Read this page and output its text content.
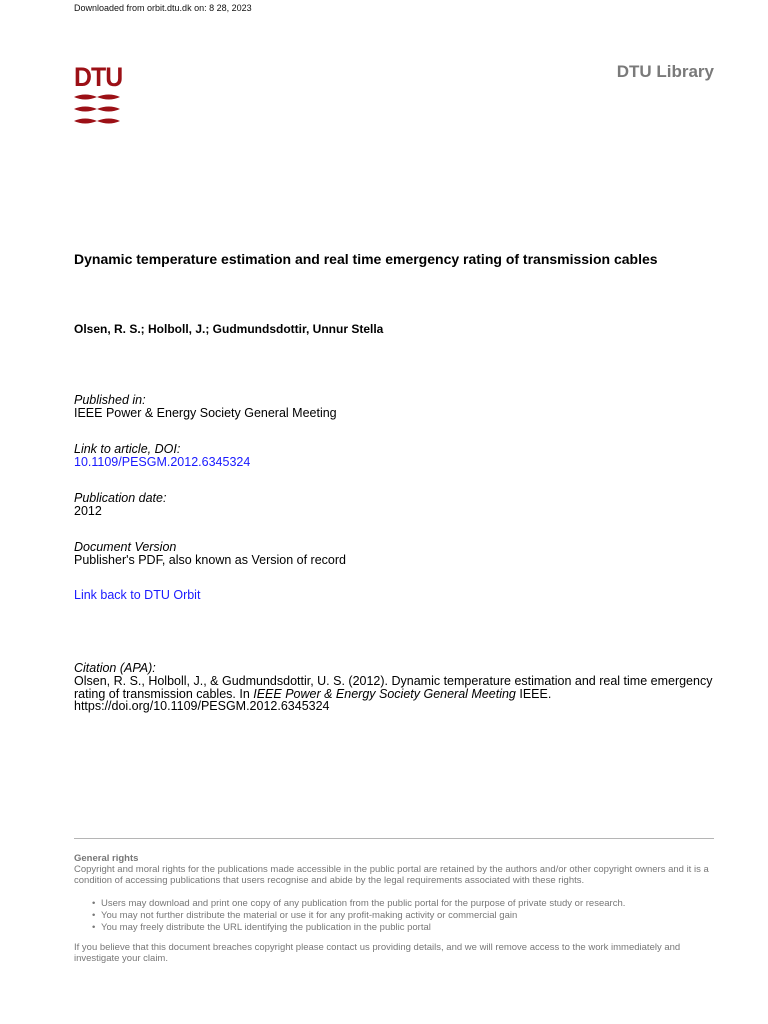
Downloaded from orbit.dtu.dk on: 8 28, 2023
DTU	DTU Library
Dynamic temperature estimation and real time emergency rating of transmission cables
Olsen, R. S.; Holboll, J.; Gudmundsdottir, Unnur Stella
Published in:
IEEE Power & Energy Society General Meeting
Link to article, DOI:
10.1109/PESGM.2012.6345324
Publication date:
2012
Document Version
Publisher's PDF, also known as Version of record
Link back to DTU Orbit
Citation (APA):
Olsen, R. S., Holboll, J., & Gudmundsdottir, U. S. (2012). Dynamic temperature estimation and real time emergency rating of transmission cables. In IEEE Power & Energy Society General Meeting IEEE.
https://doi.org/10.1109/PESGM.2012.6345324
General rights
Copyright and moral rights for the publications made accessible in the public portal are retained by the authors and/or other copyright owners and it is a condition of accessing publications that users recognise and abide by the legal requirements associated with these rights.
• Users may download and print one copy of any publication from the public portal for the purpose of private study or research.
• You may not further distribute the material or use it for any profit-making activity or commercial gain
• You may freely distribute the URL identifying the publication in the public portal
If you believe that this document breaches copyright please contact us providing details, and we will remove access to the work immediately and investigate your claim.
